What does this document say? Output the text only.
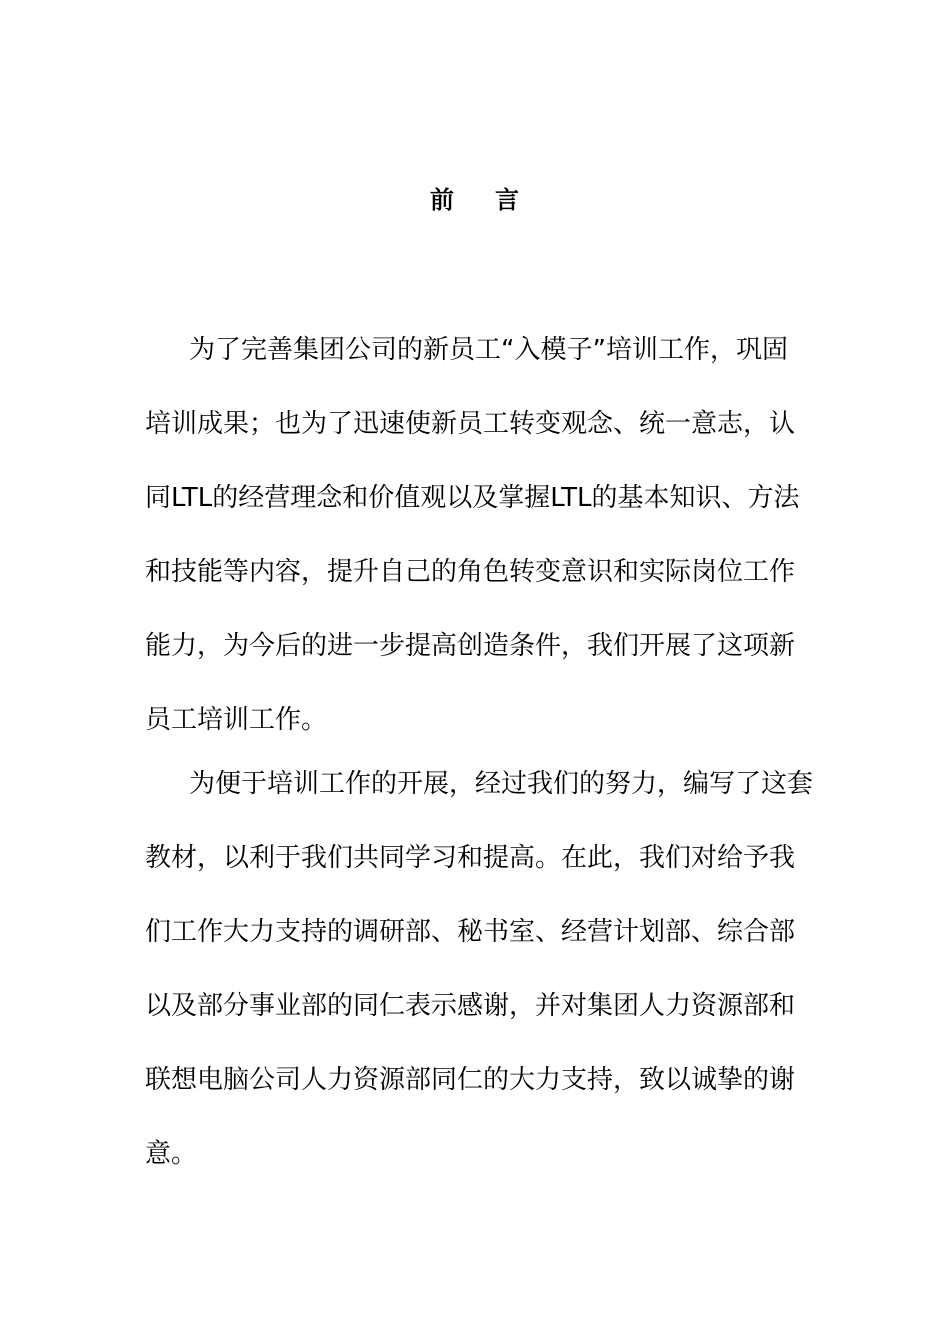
前 言
为了完善集团公司的新员工“入模子”培训工作，巩固
培训成果；也为了迅速使新员工转变观念、统一意志，认
同LTL的经营理念和价值观以及掌握LTL的基本知识、方法
和技能等内容，提升自己的角色转变意识和实际岗位工作
能力，为今后的进一步提高创造条件，我们开展了这项新
员工培训工作。
为便于培训工作的开展，经过我们的努力，编写了这套
教材，以利于我们共同学习和提高。在此，我们对给予我
们工作大力支持的调研部、秘书室、经营计划部、综合部
以及部分事业部的同仁表示感谢，并对集团人力资源部和
联想电脑公司人力资源部同仁的大力支持，致以诚挚的谢
意。
